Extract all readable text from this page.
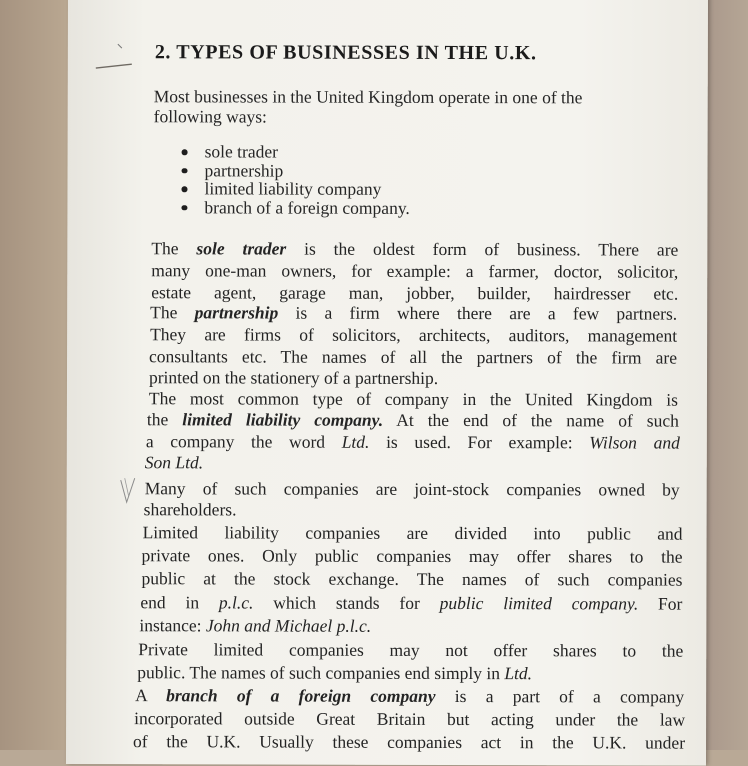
2. TYPES OF BUSINESSES IN THE U.K.
Most businesses in the United Kingdom operate in one of the
following ways:
sole trader
partnership
limited liability company
branch of a foreign company.
The sole trader is the oldest form of business. There are
many one-man owners, for example: a farmer, doctor, solicitor,
estate agent, garage man, jobber, builder, hairdresser etc.
The partnership is a firm where there are a few partners.
They are firms of solicitors, architects, auditors, management
consultants etc. The names of all the partners of the firm are
printed on the stationery of a partnership.
The most common type of company in the United Kingdom is
the limited liability company. At the end of the name of such
a company the word Ltd. is used. For example: Wilson and
Son Ltd.
Many of such companies are joint-stock companies owned by
shareholders.
Limited liability companies are divided into public and
private ones. Only public companies may offer shares to the
public at the stock exchange. The names of such companies
end in p.l.c. which stands for public limited company. For
instance: John and Michael p.l.c.
Private limited companies may not offer shares to the
public. The names of such companies end simply in Ltd.
A branch of a foreign company is a part of a company
incorporated outside Great Britain but acting under the law
of the U.K. Usually these companies act in the U.K. under
